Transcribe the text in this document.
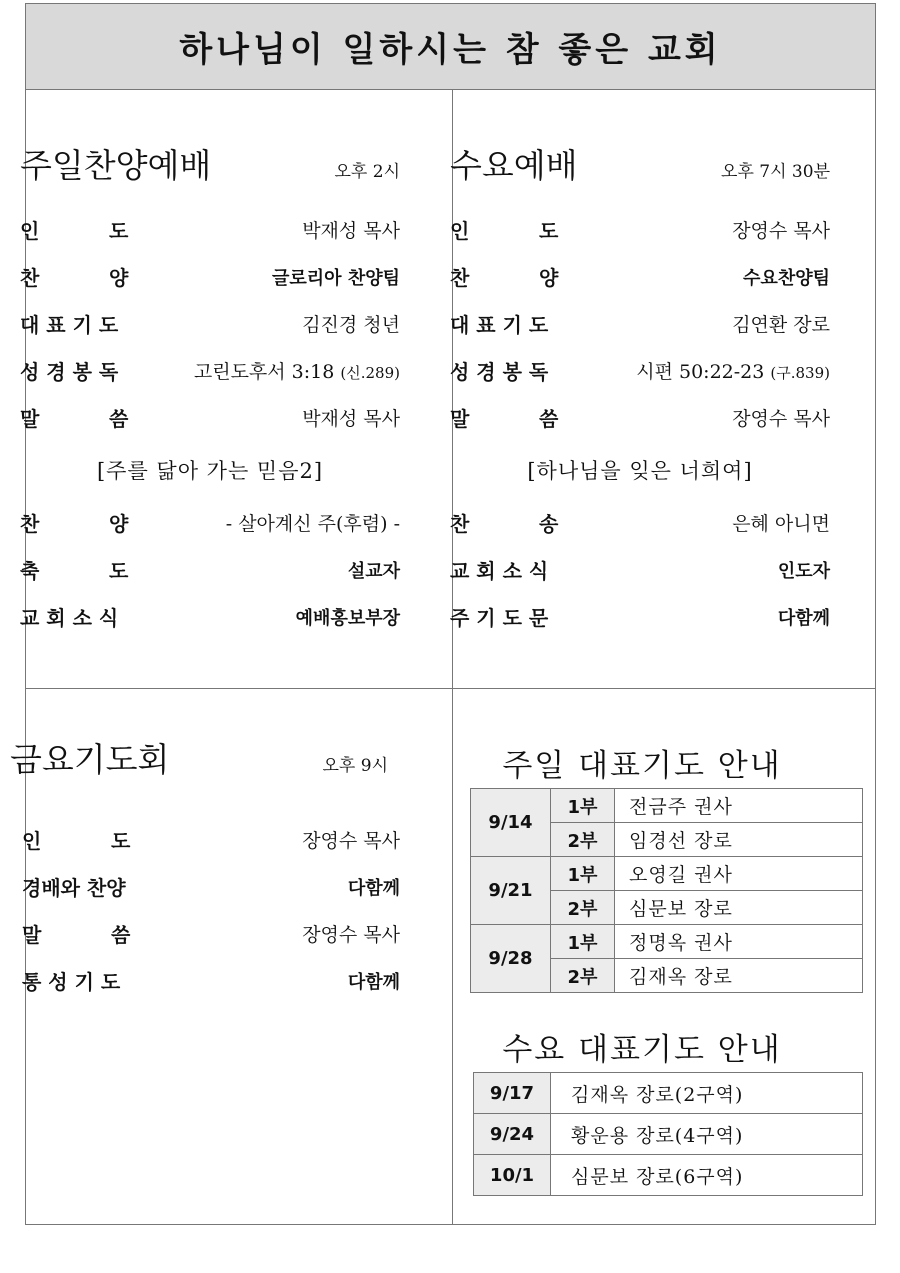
하나님이 일하시는 참 좋은 교회
주일찬양예배	오후 2시
인          도	박재성 목사
찬          양	글로리아 찬양팀
대 표 기 도	김진경 청년
성 경 봉 독	고린도후서 3:18 (신.289)
말          씀	박재성 목사
[주를 닮아 가는 믿음2]
찬          양	- 살아계신 주(후렴) -
축          도	설교자
교 회 소 식	예배홍보부장
수요예배	오후 7시 30분
인          도	장영수 목사
찬          양	수요찬양팀
대 표 기 도	김연환 장로
성 경 봉 독	시편 50:22-23 (구.839)
말          씀	장영수 목사
[하나님을 잊은 너희여]
찬          송	은혜 아니면
교 회 소 식	인도자
주 기 도 문	다함께
금요기도회	오후 9시
인          도	장영수 목사
경배와 찬양	다함께
말          씀	장영수 목사
통 성 기 도	다함께
주일 대표기도 안내
9/14	1부	전금주 권사
	2부	임경선 장로
9/21	1부	오영길 권사
	2부	심문보 장로
9/28	1부	정명옥 권사
	2부	김재옥 장로
수요 대표기도 안내
9/17	김재옥 장로(2구역)
9/24	황운용 장로(4구역)
10/1	심문보 장로(6구역)
